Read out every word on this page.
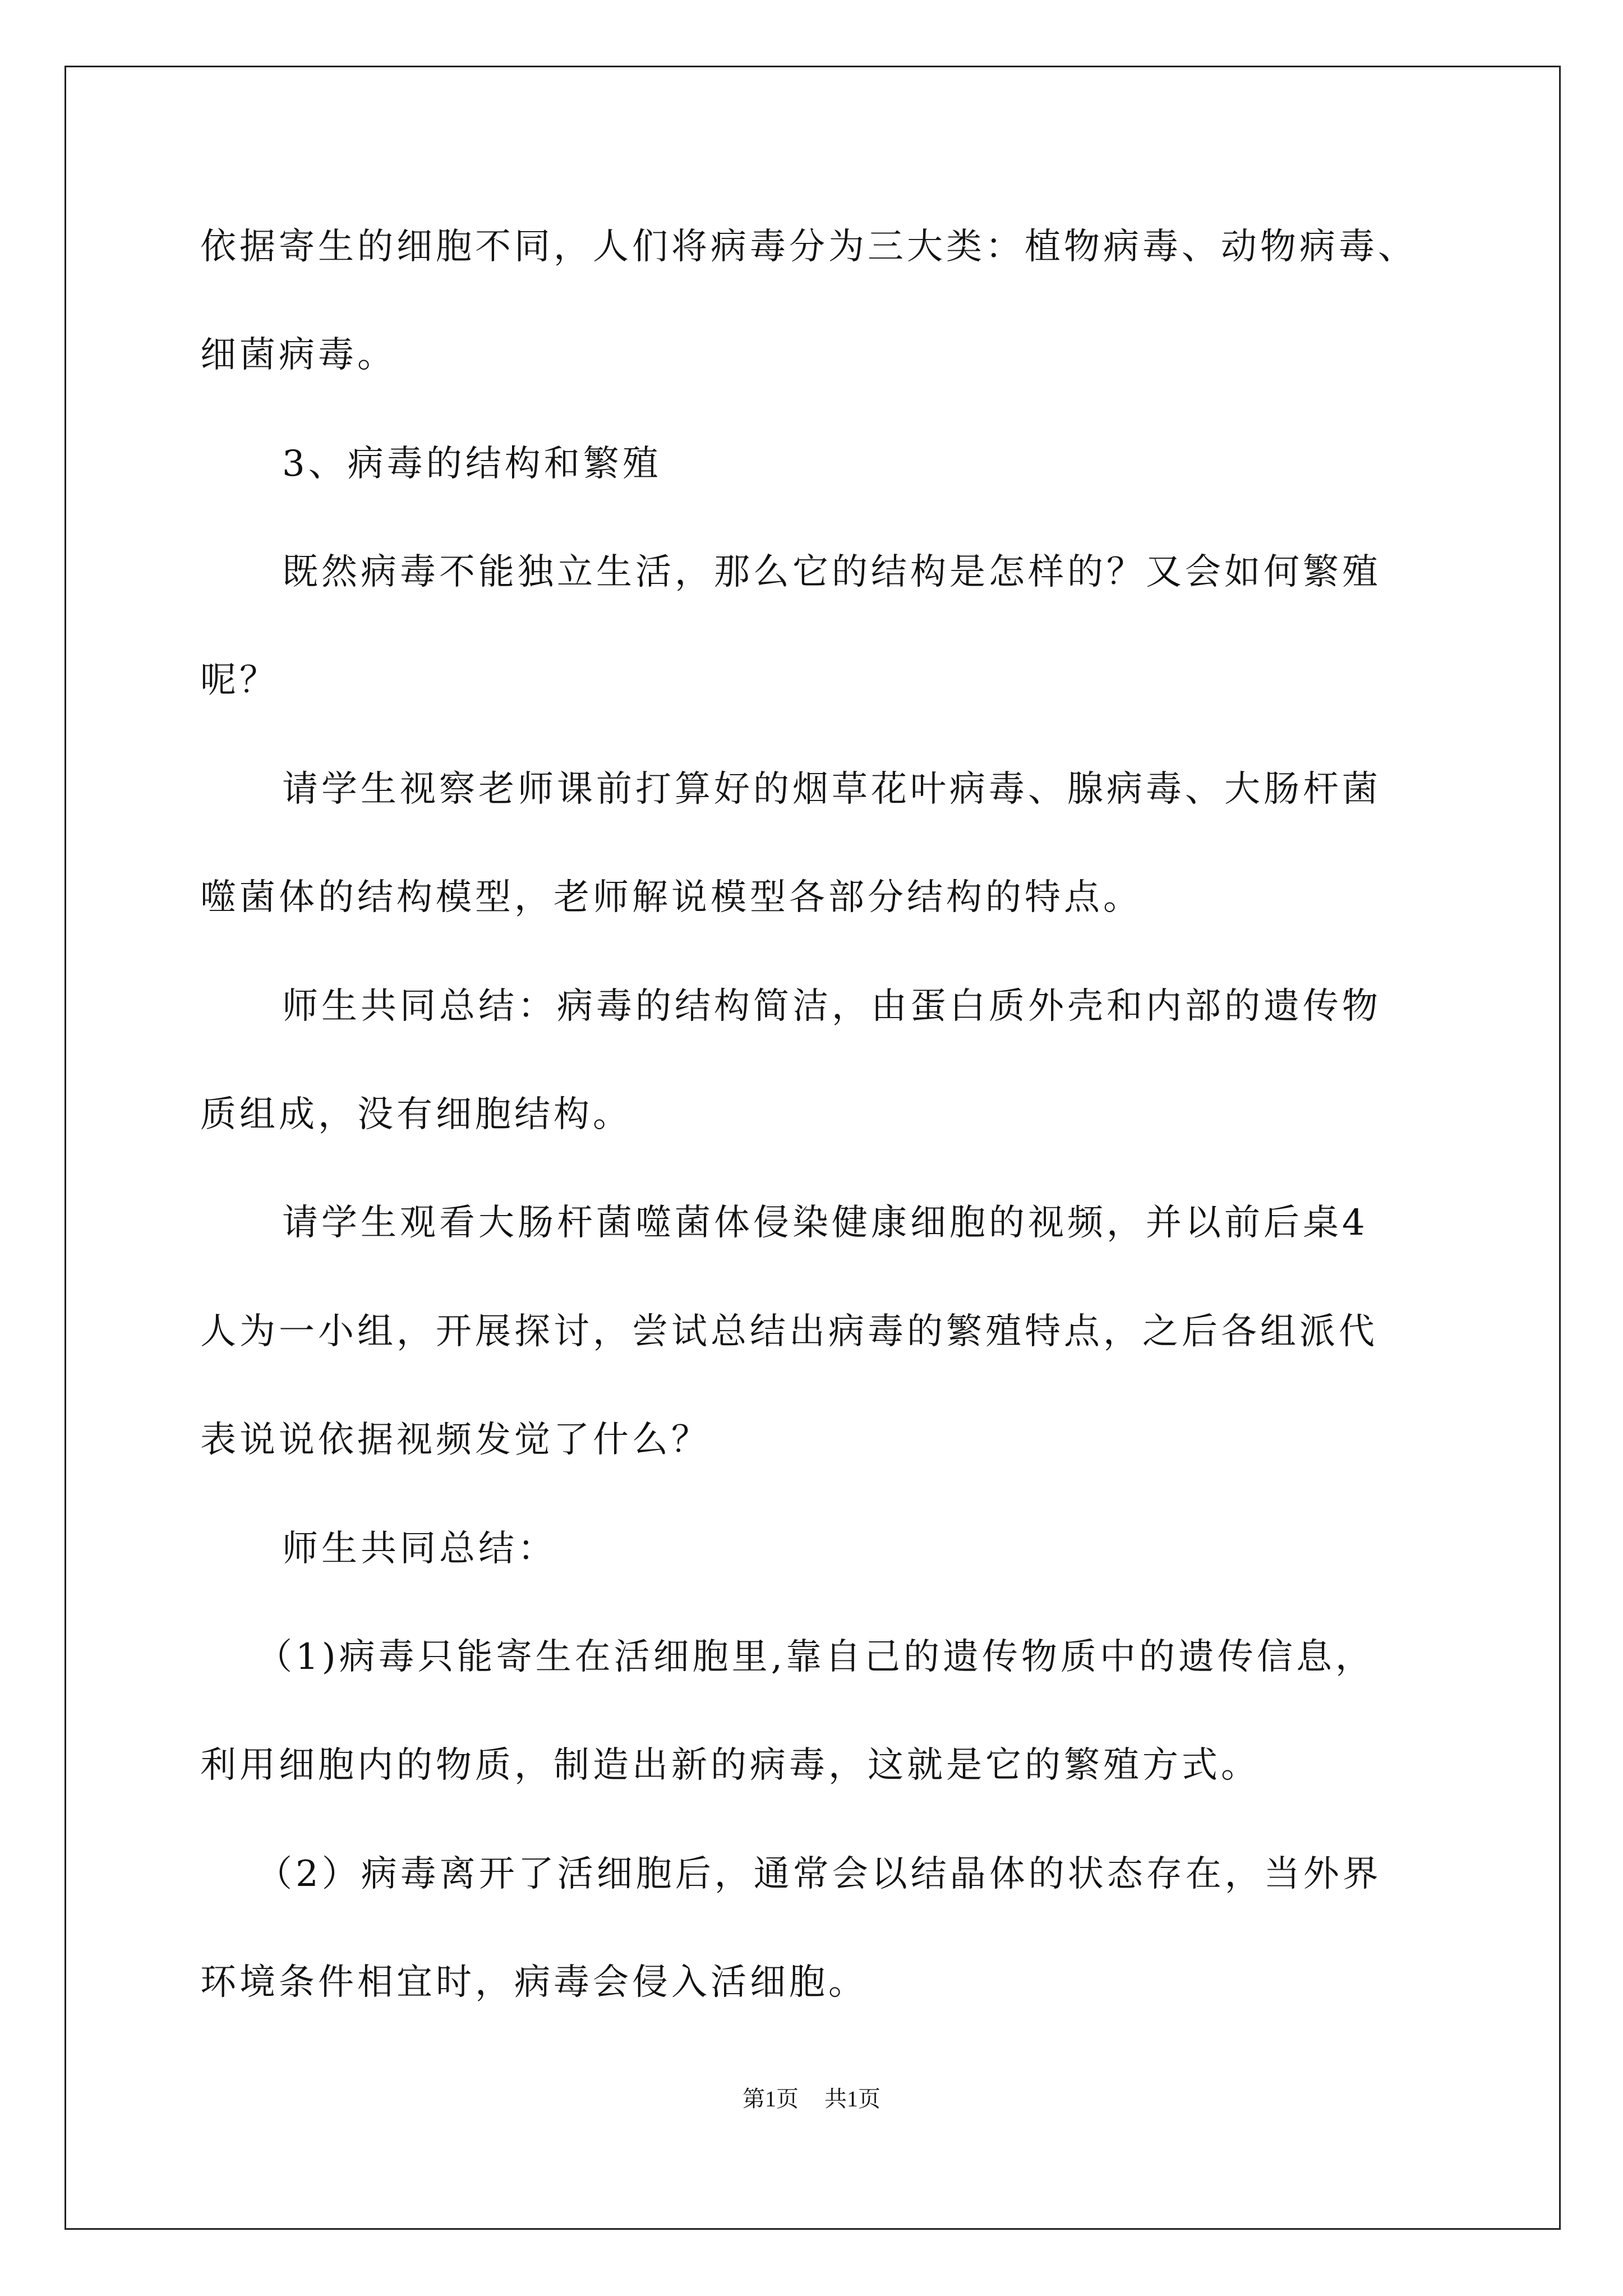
依据寄生的细胞不同，人们将病毒分为三大类：植物病毒、动物病毒、
细菌病毒。
3、病毒的结构和繁殖
既然病毒不能独立生活，那么它的结构是怎样的？又会如何繁殖
呢？
请学生视察老师课前打算好的烟草花叶病毒、腺病毒、大肠杆菌
噬菌体的结构模型，老师解说模型各部分结构的特点。
师生共同总结：病毒的结构简洁，由蛋白质外壳和内部的遗传物
质组成，没有细胞结构。
请学生观看大肠杆菌噬菌体侵染健康细胞的视频，并以前后桌4
人为一小组，开展探讨，尝试总结出病毒的繁殖特点，之后各组派代
表说说依据视频发觉了什么？
师生共同总结：
（1)病毒只能寄生在活细胞里,靠自己的遗传物质中的遗传信息，
利用细胞内的物质，制造出新的病毒，这就是它的繁殖方式。
（2）病毒离开了活细胞后，通常会以结晶体的状态存在，当外界
环境条件相宜时，病毒会侵入活细胞。
第1页 共1页
